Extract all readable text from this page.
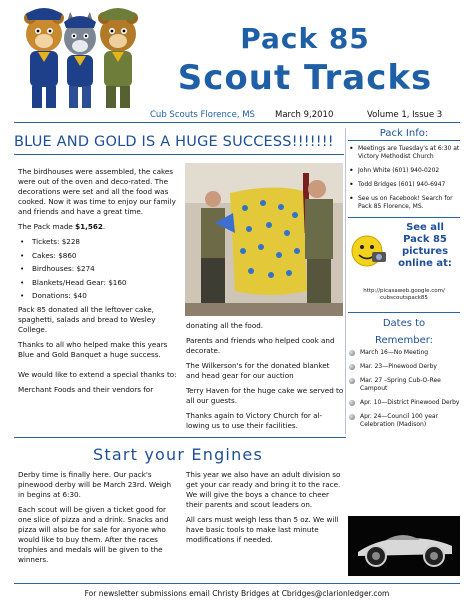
Pack 85
Scout Tracks
Cub Scouts Florence, MS March 9,2010	Volume 1, Issue 3
BLUE AND GOLD IS A HUGE SUCCESS!!!!!!!

The birdhouses were assembled, the cakes were out of the oven and deco-rated. The decorations were set and all the food was cooked. Now it was time to enjoy our family and friends and have a great time.

The Pack made $1,562.

• Tickets: $228
• Cakes: $860
• Birdhouses: $274
• Blankets/Head Gear: $160
• Donations: $40

Pack 85 donated all the leftover cake, spaghetti, salads and bread to Wesley College.

Thanks to all who helped make this years Blue and Gold Banquet a huge success.

We would like to extend a special thanks to:

Merchant Foods and their vendors for

donating all the food.

Parents and friends who helped cook and decorate.

The Wilkerson's for the donated blanket and head gear for our auction

Terry Haven for the huge cake we served to all our guests.

Thanks again to Victory Church for al-lowing us to use their facilities.

Pack Info:
• Meetings are Tuesday's at 6:30 at Victory Methodist Church
• John White (601) 940-0202
• Todd Bridges (601) 940-6947
• See us on Facebook! Search for Pack 85 Florence, MS.
See all
Pack 85
pictures
online at:
http://picasaweb.google.com/
cubscoutspack85
Dates to
Remember:
March 16—No Meeting
Mar. 23—Pinewood Derby
Mar. 27 –Spring Cub-O-Ree Campout
Apr. 10—District Pinewood Derby
Apr. 24—Council 100 year Celebration (Madison)
Start your Engines

Derby time is finally here. Our pack's pinewood derby will be March 23rd. Weigh in begins at 6:30.

Each scout will be given a ticket good for one slice of pizza and a drink. Snacks and pizza will also be for sale for anyone who would like to buy them. After the races trophies and medals will be given to the winners.

This year we also have an adult division so get your car ready and bring it to the race. We will give the boys a chance to cheer their parents and scout leaders on.

All cars must weigh less than 5 oz. We will have basic tools to make last minute modifications if needed.

For newsletter submissions email Christy Bridges at Cbridges@clarionledger.com
